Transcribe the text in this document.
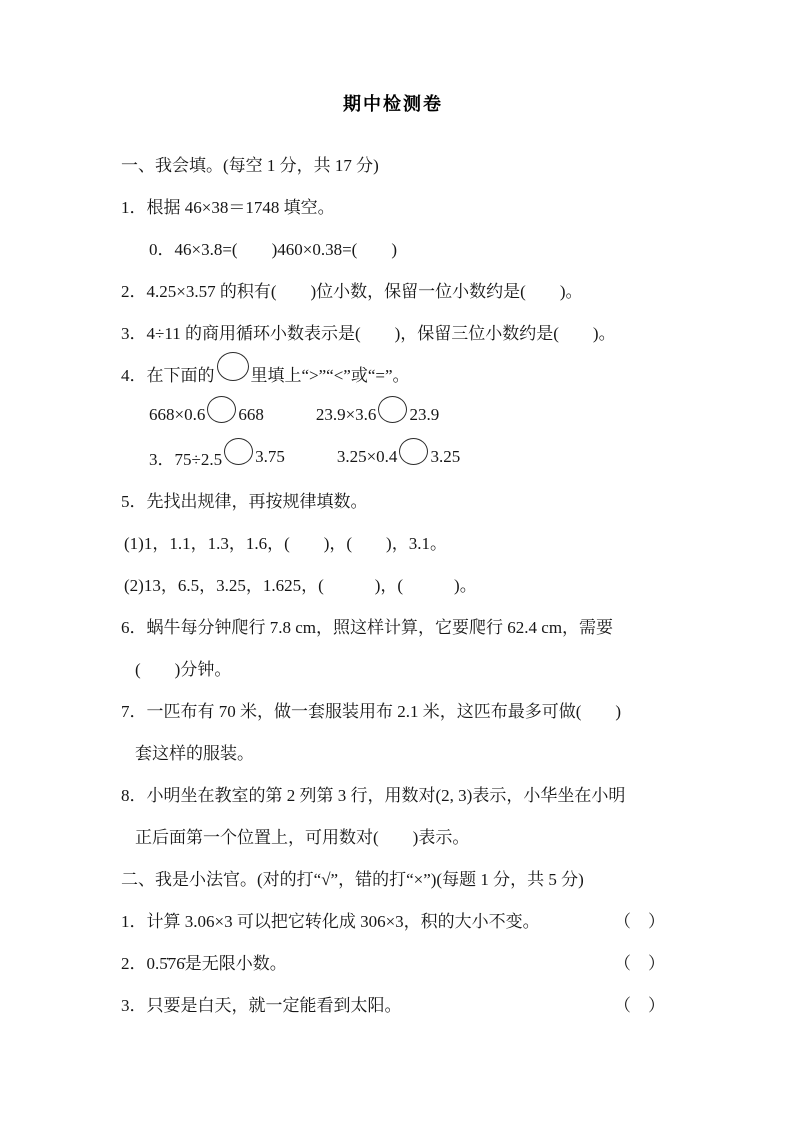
期中检测卷
一、我会填。(每空 1 分，共 17 分)
1．根据 46×38＝1748 填空。
0．46×3.8=(　　)460×0.38=(　　)
2．4.25×3.57 的积有(　　)位小数，保留一位小数约是(　　)。
3．4÷11 的商用循环小数表示是(　　)，保留三位小数约是(　　)。
4．在下面的 里填上“>”“<”或“=”。
668×0.6 668	23.9×3.6 23.9
3．75÷2.5 3.75	3.25×0.4 3.25
5．先找出规律，再按规律填数。
(1)1，1.1，1.3，1.6，(　　)，(　　)，3.1。
(2)13，6.5，3.25，1.625，(　　　)，(　　　)。
6．蜗牛每分钟爬行 7.8 cm，照这样计算，它要爬行 62.4 cm，需要
(　　)分钟。
7．一匹布有 70 米，做一套服装用布 2.1 米，这匹布最多可做(　　)
套这样的服装。
8．小明坐在教室的第 2 列第 3 行，用数对(2, 3)表示，小华坐在小明
正后面第一个位置上，可用数对(　　)表示。
二、我是小法官。(对的打“√”，错的打“×”)(每题 1 分，共 5 分)
1．计算 3.06×3 可以把它转化成 306×3，积的大小不变。	（　）
2．0.5̇76̇是无限小数。	（　）
3．只要是白天，就一定能看到太阳。	（　）
